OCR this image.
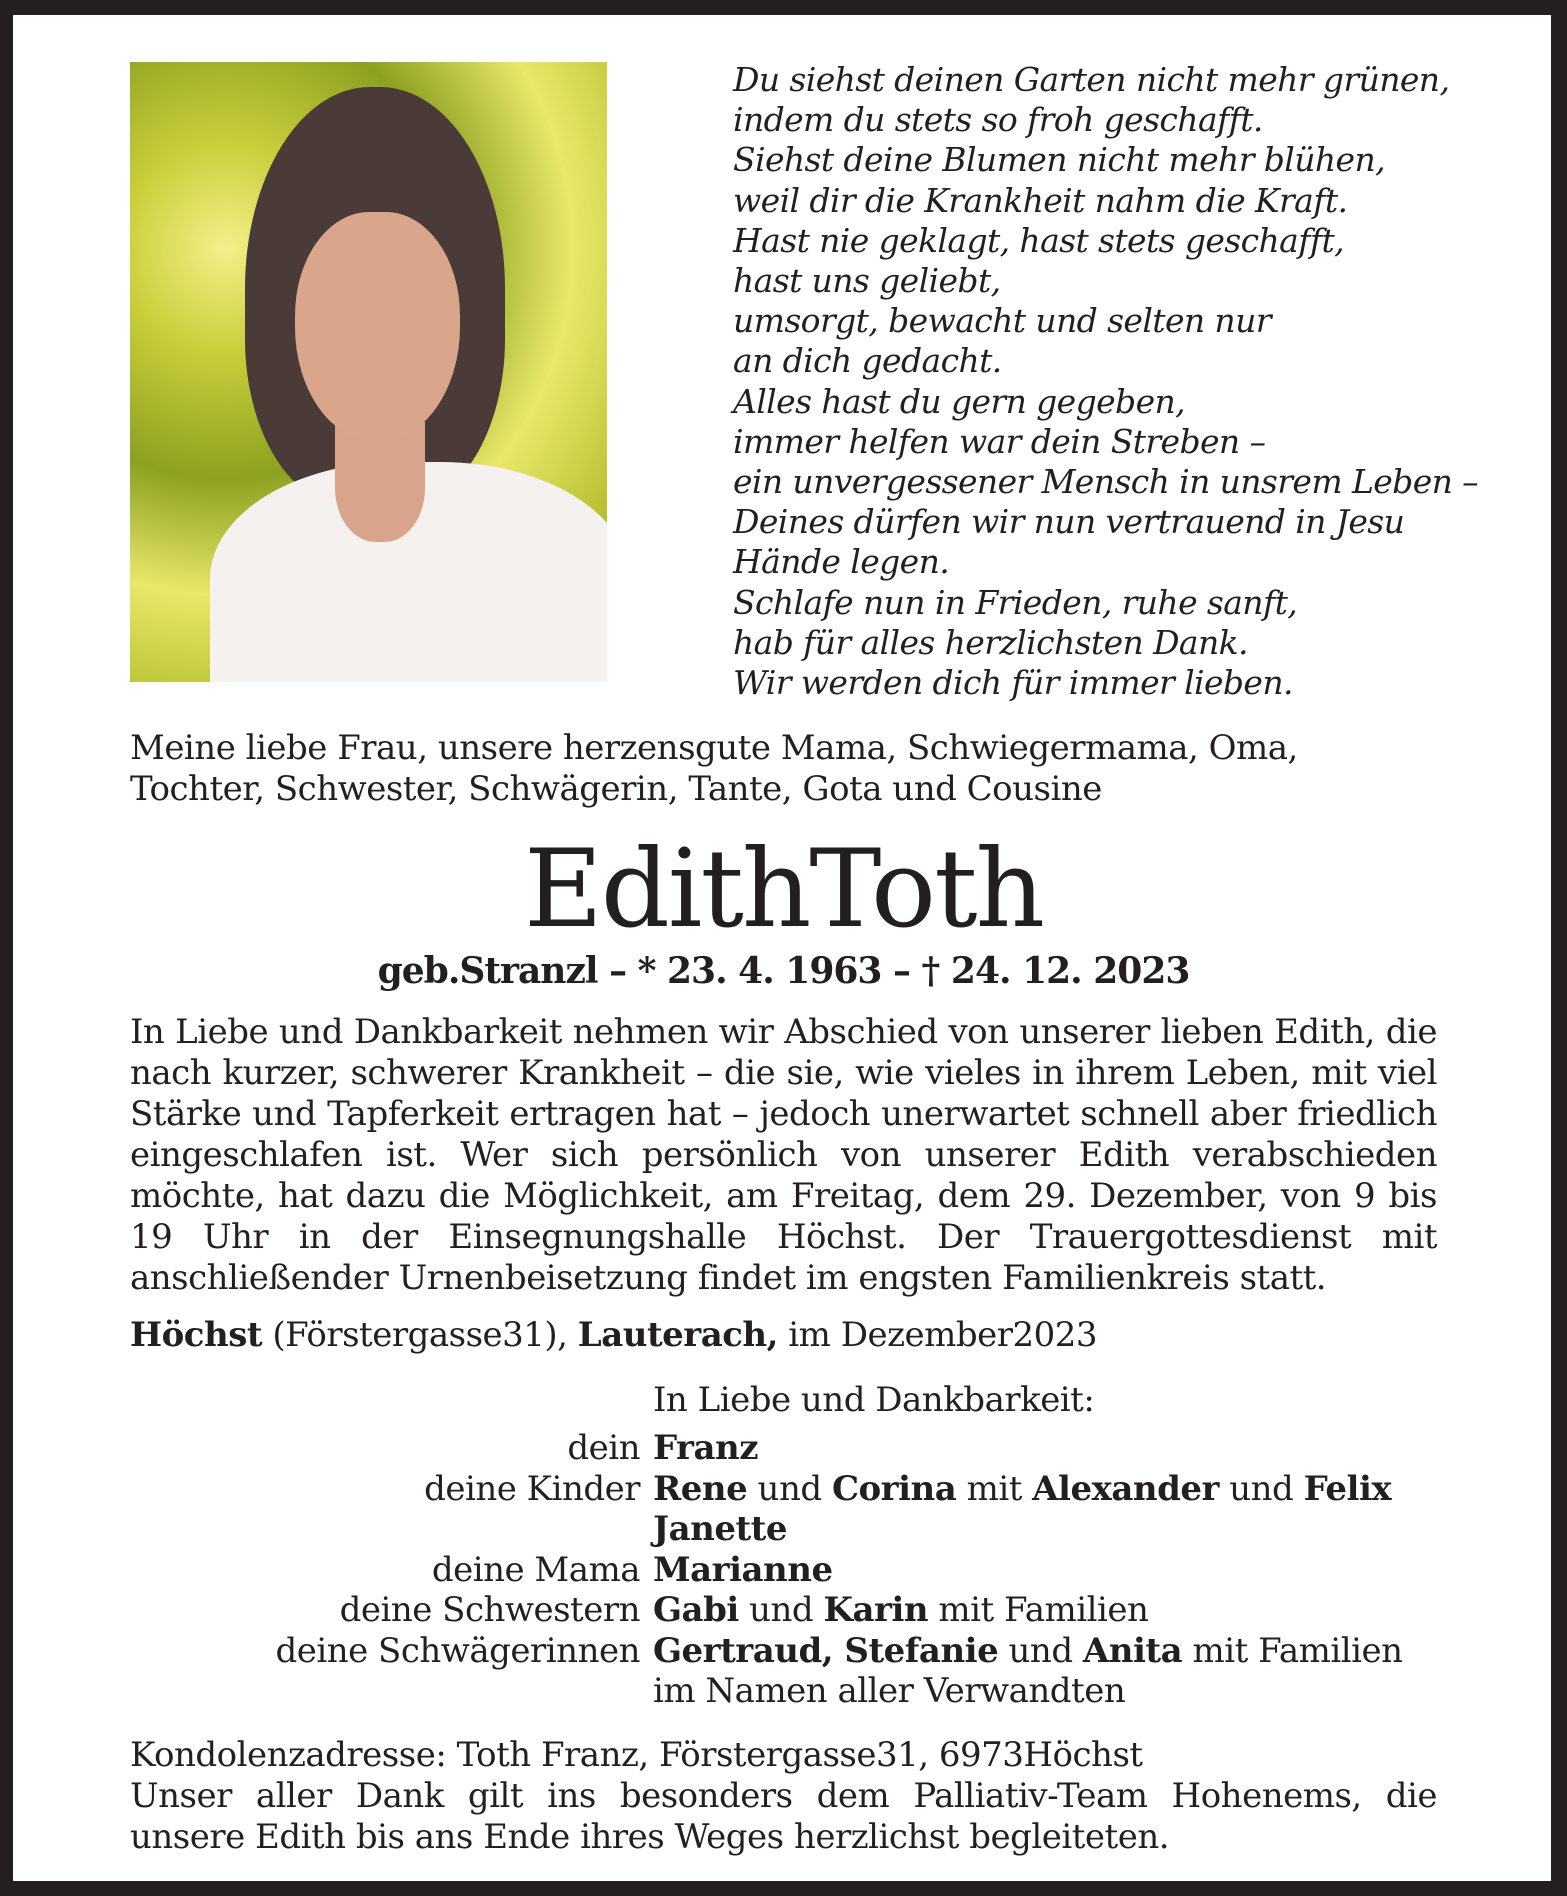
Du siehst deinen Garten nicht mehr grünen,
indem du stets so froh geschafft.
Siehst deine Blumen nicht mehr blühen,
weil dir die Krankheit nahm die Kraft.
Hast nie geklagt, hast stets geschafft,
hast uns geliebt,
umsorgt, bewacht und selten nur
an dich gedacht.
Alles hast du gern gegeben,
immer helfen war dein Streben –
ein unvergessener Mensch in unsrem Leben –
Deines dürfen wir nun vertrauend in Jesu
Hände legen.
Schlafe nun in Frieden, ruhe sanft,
hab für alles herzlichsten Dank.
Wir werden dich für immer lieben.
Meine liebe Frau, unsere herzensgute Mama, Schwiegermama, Oma, Tochter, Schwester, Schwägerin, Tante, Gota und Cousine
EdithToth
geb.Stranzl – * 23. 4. 1963 – † 24. 12. 2023
In Liebe und Dankbarkeit nehmen wir Abschied von unserer lieben Edith, die nach kurzer, schwerer Krankheit – die sie, wie vieles in ihrem Leben, mit viel Stärke und Tapferkeit ertragen hat – jedoch unerwartet schnell aber friedlich eingeschlafen ist. Wer sich persönlich von unserer Edith verabschieden möchte, hat dazu die Möglichkeit, am Freitag, dem 29. Dezember, von 9 bis 19 Uhr in der Einsegnungshalle Höchst. Der Trauergottesdienst mit anschließender Urnenbeisetzung findet im engsten Familienkreis statt.
Höchst (Förstergasse31), Lauterach, im Dezember2023
In Liebe und Dankbarkeit:
dein Franz
deine Kinder Rene und Corina mit Alexander und Felix
Janette
deine Mama Marianne
deine Schwestern Gabi und Karin mit Familien
deine Schwägerinnen Gertraud, Stefanie und Anita mit Familien
im Namen aller Verwandten
Kondolenzadresse: Toth Franz, Förstergasse31, 6973Höchst
Unser aller Dank gilt ins besonders dem Palliativ-Team Hohenems, die unsere Edith bis ans Ende ihres Weges herzlichst begleiteten.
